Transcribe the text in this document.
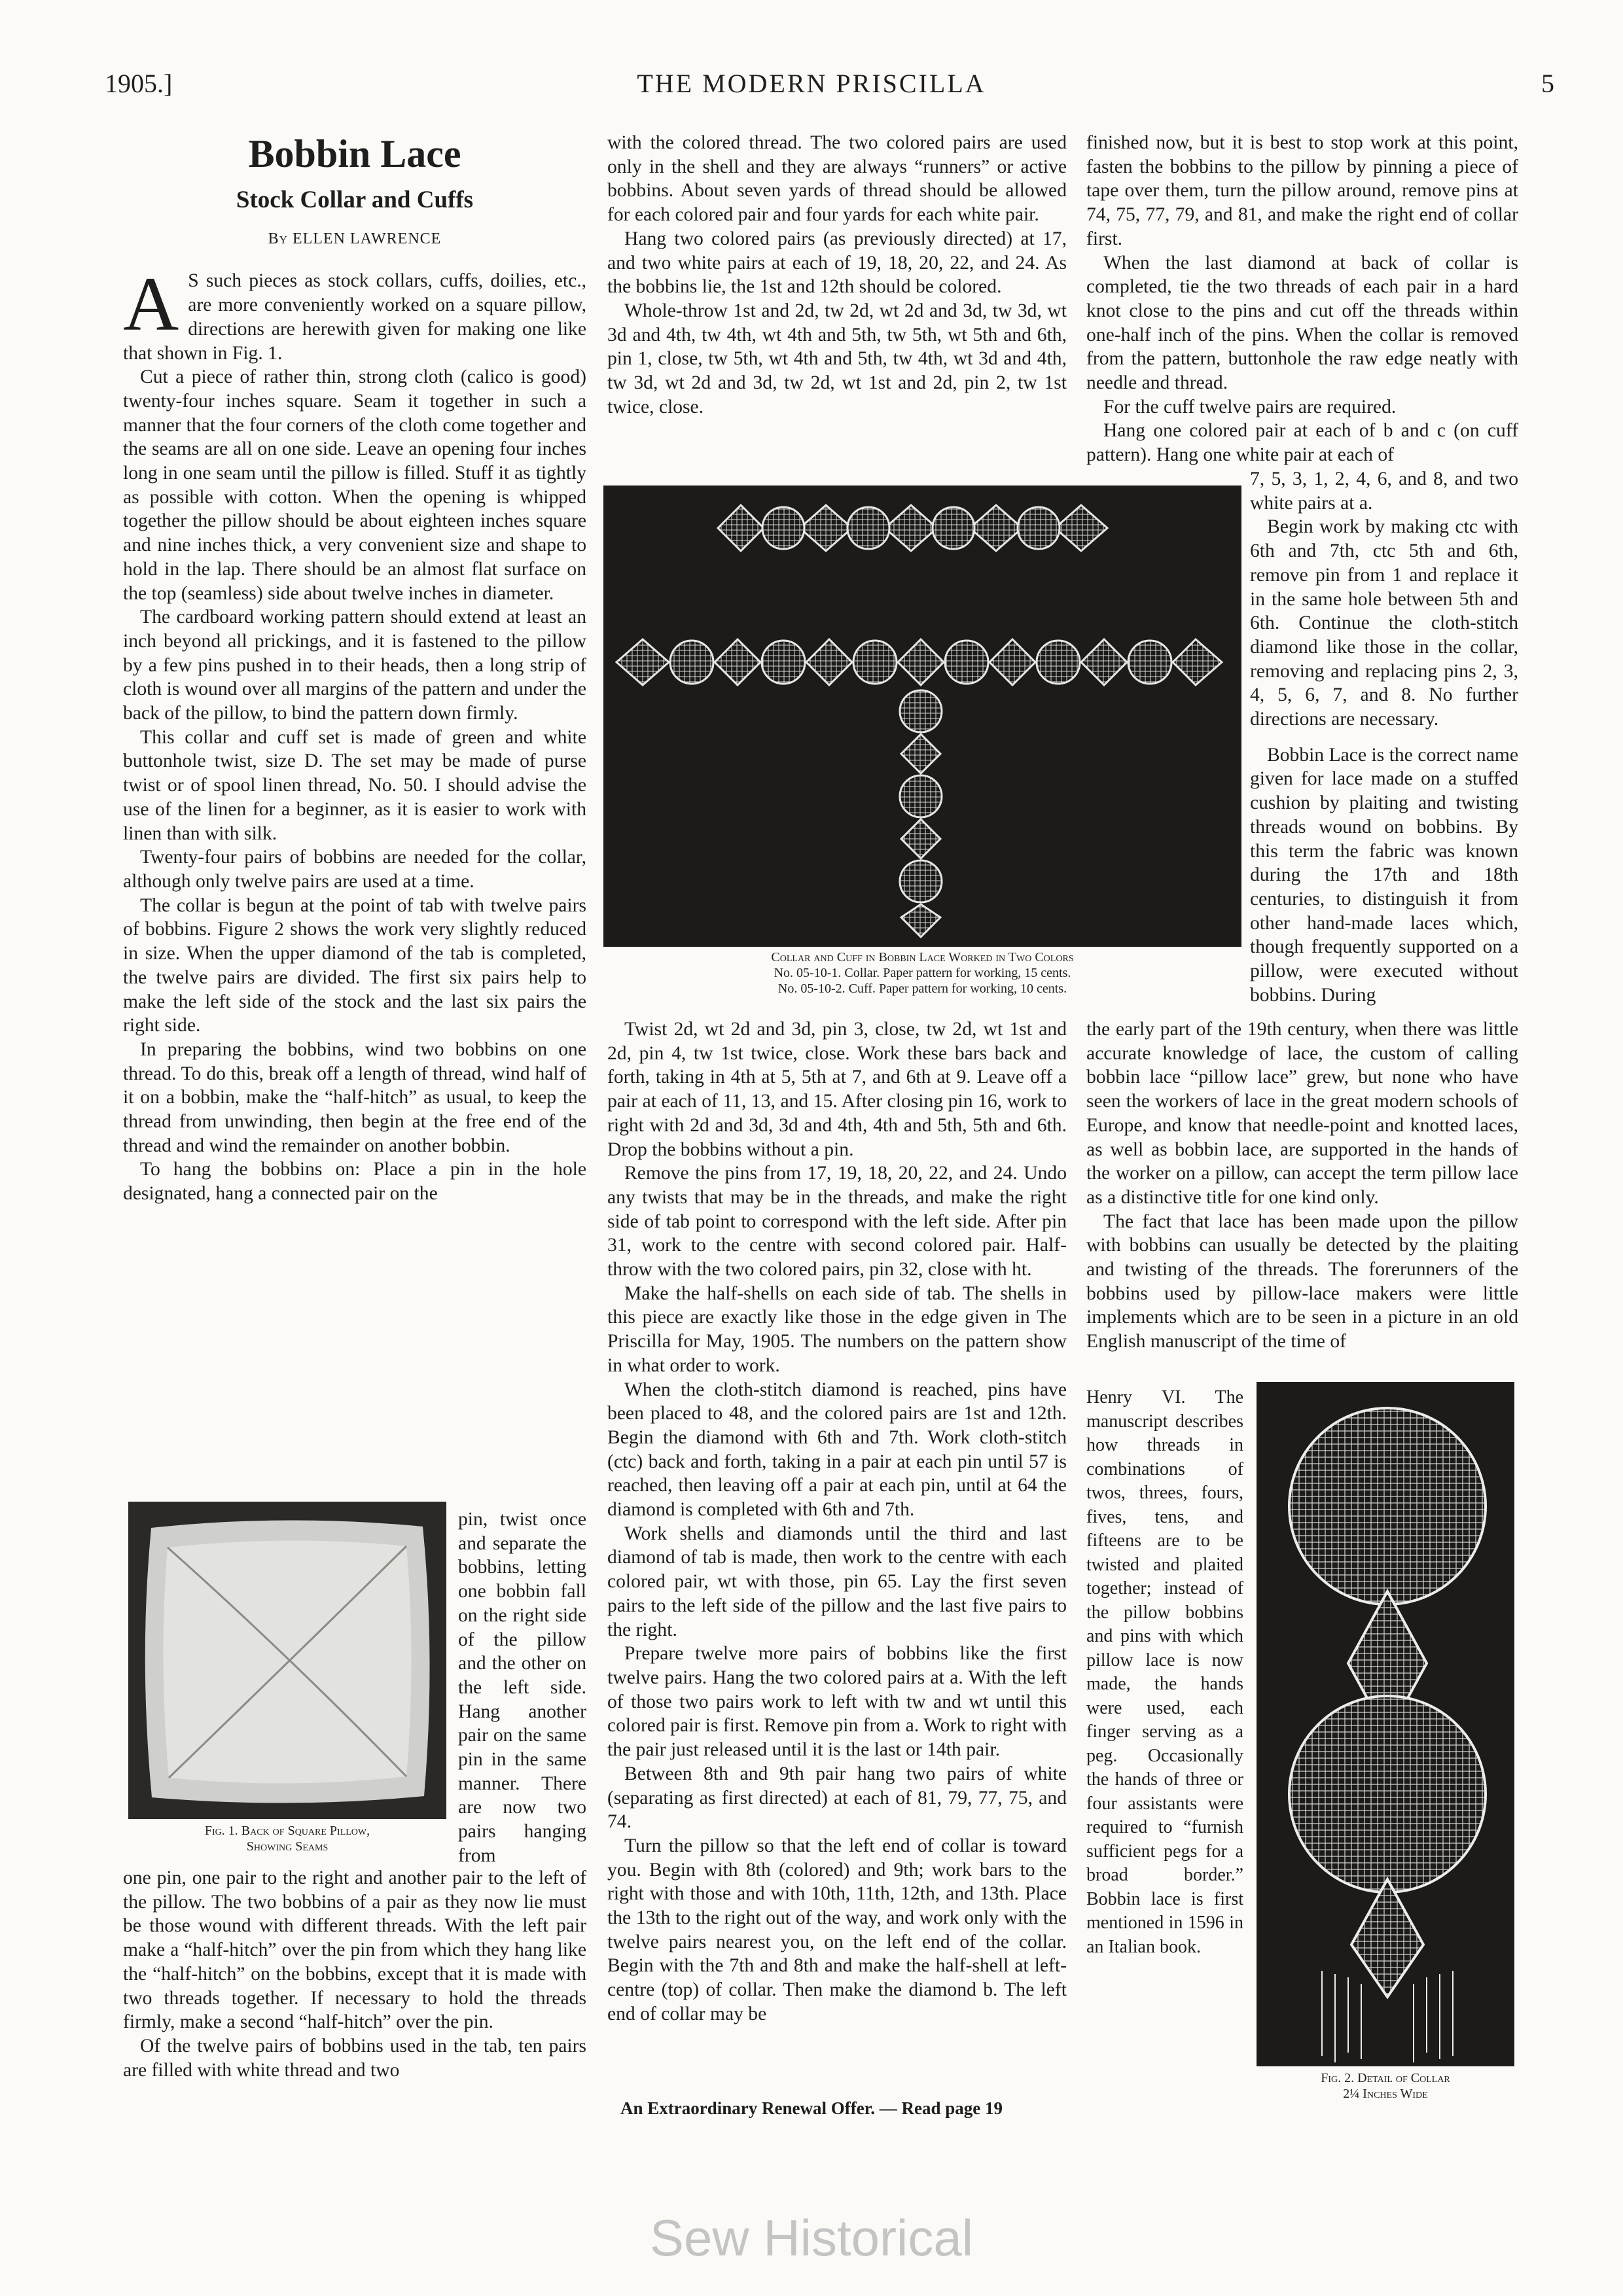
1905.]	THE MODERN PRISCILLA	5
Bobbin Lace
Stock Collar and Cuffs
By ELLEN LAWRENCE

A S such pieces as stock collars, cuffs, doilies, etc., are more conveniently worked on a square pillow, directions are herewith given for making one like that shown in Fig. 1.

Cut a piece of rather thin, strong cloth (calico is good) twenty-four inches square. Seam it together in such a manner that the four corners of the cloth come together and the seams are all on one side. Leave an opening four inches long in one seam until the pillow is filled. Stuff it as tightly as possible with cotton. When the opening is whipped together the pillow should be about eighteen inches square and nine inches thick, a very convenient size and shape to hold in the lap. There should be an almost flat surface on the top (seamless) side about twelve inches in diameter.

The cardboard working pattern should extend at least an inch beyond all prickings, and it is fastened to the pillow by a few pins pushed in to their heads, then a long strip of cloth is wound over all margins of the pattern and under the back of the pillow, to bind the pattern down firmly.

This collar and cuff set is made of green and white buttonhole twist, size D. The set may be made of purse twist or of spool linen thread, No. 50. I should advise the use of the linen for a beginner, as it is easier to work with linen than with silk.

Twenty-four pairs of bobbins are needed for the collar, although only twelve pairs are used at a time.

The collar is begun at the point of tab with twelve pairs of bobbins. Figure 2 shows the work very slightly reduced in size. When the upper diamond of the tab is completed, the twelve pairs are divided. The first six pairs help to make the left side of the stock and the last six pairs the right side.

In preparing the bobbins, wind two bobbins on one thread. To do this, break off a length of thread, wind half of it on a bobbin, make the “half-hitch” as usual, to keep the thread from unwinding, then begin at the free end of the thread and wind the remainder on another bobbin.

To hang the bobbins on: Place a pin in the hole designated, hang a connected pair on the

Fig. 1. Back of Square Pillow,
Showing Seams

pin, twist once and separate the bobbins, letting one bobbin fall on the right side of the pillow and the other on the left side. Hang another pair on the same pin in the same manner. There are now two pairs hanging from

one pin, one pair to the right and another pair to the left of the pillow. The two bobbins of a pair as they now lie must be those wound with different threads. With the left pair make a “half-hitch” over the pin from which they hang like the “half-hitch” on the bobbins, except that it is made with two threads together. If necessary to hold the threads firmly, make a second “half-hitch” over the pin.

Of the twelve pairs of bobbins used in the tab, ten pairs are filled with white thread and two

with the colored thread. The two colored pairs are used only in the shell and they are always “runners” or active bobbins. About seven yards of thread should be allowed for each colored pair and four yards for each white pair.

Hang two colored pairs (as previously directed) at 17, and two white pairs at each of 19, 18, 20, 22, and 24. As the bobbins lie, the 1st and 12th should be colored.

Whole-throw 1st and 2d, tw 2d, wt 2d and 3d, tw 3d, wt 3d and 4th, tw 4th, wt 4th and 5th, tw 5th, wt 5th and 6th, pin 1, close, tw 5th, wt 4th and 5th, tw 4th, wt 3d and 4th, tw 3d, wt 2d and 3d, tw 2d, wt 1st and 2d, pin 2, tw 1st twice, close.

finished now, but it is best to stop work at this point, fasten the bobbins to the pillow by pinning a piece of tape over them, turn the pillow around, remove pins at 74, 75, 77, 79, and 81, and make the right end of collar first.

When the last diamond at back of collar is completed, tie the two threads of each pair in a hard knot close to the pins and cut off the threads within one-half inch of the pins. When the collar is removed from the pattern, buttonhole the raw edge neatly with needle and thread.

For the cuff twelve pairs are required.

Hang one colored pair at each of b and c (on cuff pattern). Hang one white pair at each of

Collar and Cuff in Bobbin Lace Worked in Two Colors
No. 05-10-1. Collar. Paper pattern for working, 15 cents.
No. 05-10-2. Cuff. Paper pattern for working, 10 cents.

7, 5, 3, 1, 2, 4, 6, and 8, and two white pairs at a.

Begin work by making ctc with 6th and 7th, ctc 5th and 6th, remove pin from 1 and replace it in the same hole between 5th and 6th. Continue the cloth-stitch diamond like those in the collar, removing and replacing pins 2, 3, 4, 5, 6, 7, and 8. No further directions are necessary.

Bobbin Lace is the correct name given for lace made on a stuffed cushion by plaiting and twisting threads wound on bobbins. By this term the fabric was known during the 17th and 18th centuries, to distinguish it from other hand-made laces which, though frequently supported on a pillow, were executed without bobbins. During

Twist 2d, wt 2d and 3d, pin 3, close, tw 2d, wt 1st and 2d, pin 4, tw 1st twice, close. Work these bars back and forth, taking in 4th at 5, 5th at 7, and 6th at 9. Leave off a pair at each of 11, 13, and 15. After closing pin 16, work to right with 2d and 3d, 3d and 4th, 4th and 5th, 5th and 6th. Drop the bobbins without a pin.

Remove the pins from 17, 19, 18, 20, 22, and 24. Undo any twists that may be in the threads, and make the right side of tab point to correspond with the left side. After pin 31, work to the centre with second colored pair. Half-throw with the two colored pairs, pin 32, close with ht.

Make the half-shells on each side of tab. The shells in this piece are exactly like those in the edge given in The Priscilla for May, 1905. The numbers on the pattern show in what order to work.

When the cloth-stitch diamond is reached, pins have been placed to 48, and the colored pairs are 1st and 12th. Begin the diamond with 6th and 7th. Work cloth-stitch (ctc) back and forth, taking in a pair at each pin until 57 is reached, then leaving off a pair at each pin, until at 64 the diamond is completed with 6th and 7th.

Work shells and diamonds until the third and last diamond of tab is made, then work to the centre with each colored pair, wt with those, pin 65. Lay the first seven pairs to the left side of the pillow and the last five pairs to the right.

Prepare twelve more pairs of bobbins like the first twelve pairs. Hang the two colored pairs at a. With the left of those two pairs work to left with tw and wt until this colored pair is first. Remove pin from a. Work to right with the pair just released until it is the last or 14th pair.

Between 8th and 9th pair hang two pairs of white (separating as first directed) at each of 81, 79, 77, 75, and 74.

Turn the pillow so that the left end of collar is toward you. Begin with 8th (colored) and 9th; work bars to the right with those and with 10th, 11th, 12th, and 13th. Place the 13th to the right out of the way, and work only with the twelve pairs nearest you, on the left end of the collar. Begin with the 7th and 8th and make the half-shell at left-centre (top) of collar. Then make the diamond b. The left end of collar may be

the early part of the 19th century, when there was little accurate knowledge of lace, the custom of calling bobbin lace “pillow lace” grew, but none who have seen the workers of lace in the great modern schools of Europe, and know that needle-point and knotted laces, as well as bobbin lace, are supported in the hands of the worker on a pillow, can accept the term pillow lace as a distinctive title for one kind only.

The fact that lace has been made upon the pillow with bobbins can usually be detected by the plaiting and twisting of the threads. The forerunners of the bobbins used by pillow-lace makers were little implements which are to be seen in a picture in an old English manuscript of the time of

Henry VI. The manuscript describes how threads in combinations of twos, threes, fours, fives, tens, and fifteens are to be twisted and plaited together; instead of the pillow bobbins and pins with which pillow lace is now made, the hands were used, each finger serving as a peg. Occasionally the hands of three or four assistants were required to “furnish sufficient pegs for a broad border.” Bobbin lace is first mentioned in 1596 in an Italian book.

Fig. 2. Detail of Collar
2¼ Inches Wide
An Extraordinary Renewal Offer. — Read page 19
Sew Historical
